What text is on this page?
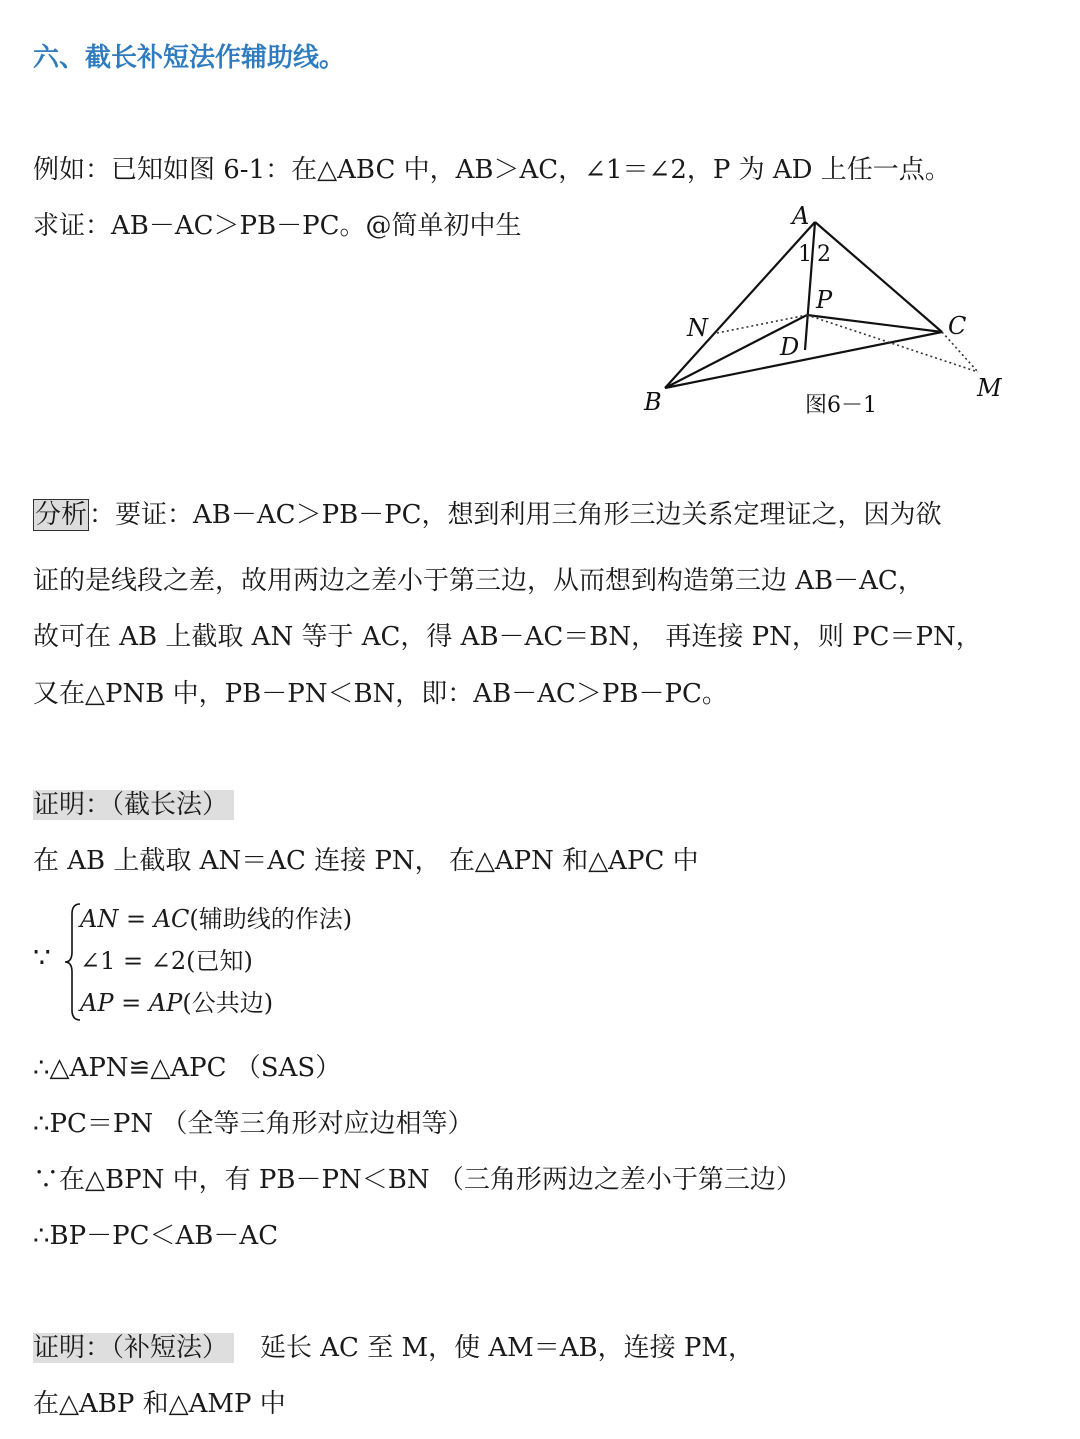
六、截长补短法作辅助线。
例如：已知如图 6-1：在△ABC 中，AB＞AC，∠1＝∠2，P 为 AD 上任一点。
求证：AB－AC＞PB－PC。@简单初中生	A
B
C
D
P
N
M
1 2
图6－1
分析：要证：AB－AC＞PB－PC，想到利用三角形三边关系定理证之，因为欲
证的是线段之差，故用两边之差小于第三边，从而想到构造第三边 AB－AC，
故可在 AB 上截取 AN 等于 AC，得 AB－AC＝BN， 再连接 PN，则 PC＝PN，
又在△PNB 中，PB－PN＜BN，即：AB－AC＞PB－PC。
证明：（截长法）
在 AB 上截取 AN＝AC 连接 PN， 在△APN 和△APC 中
∵
AN = AC(辅助线的作法)
∠1 = ∠2(已知)
AP = AP(公共边)
∴△APN≌△APC （SAS）
∴PC＝PN （全等三角形对应边相等）
∵在△BPN 中，有 PB－PN＜BN （三角形两边之差小于第三边）
∴BP－PC＜AB－AC
证明：（补短法） 延长 AC 至 M，使 AM＝AB，连接 PM，
在△ABP 和△AMP 中
